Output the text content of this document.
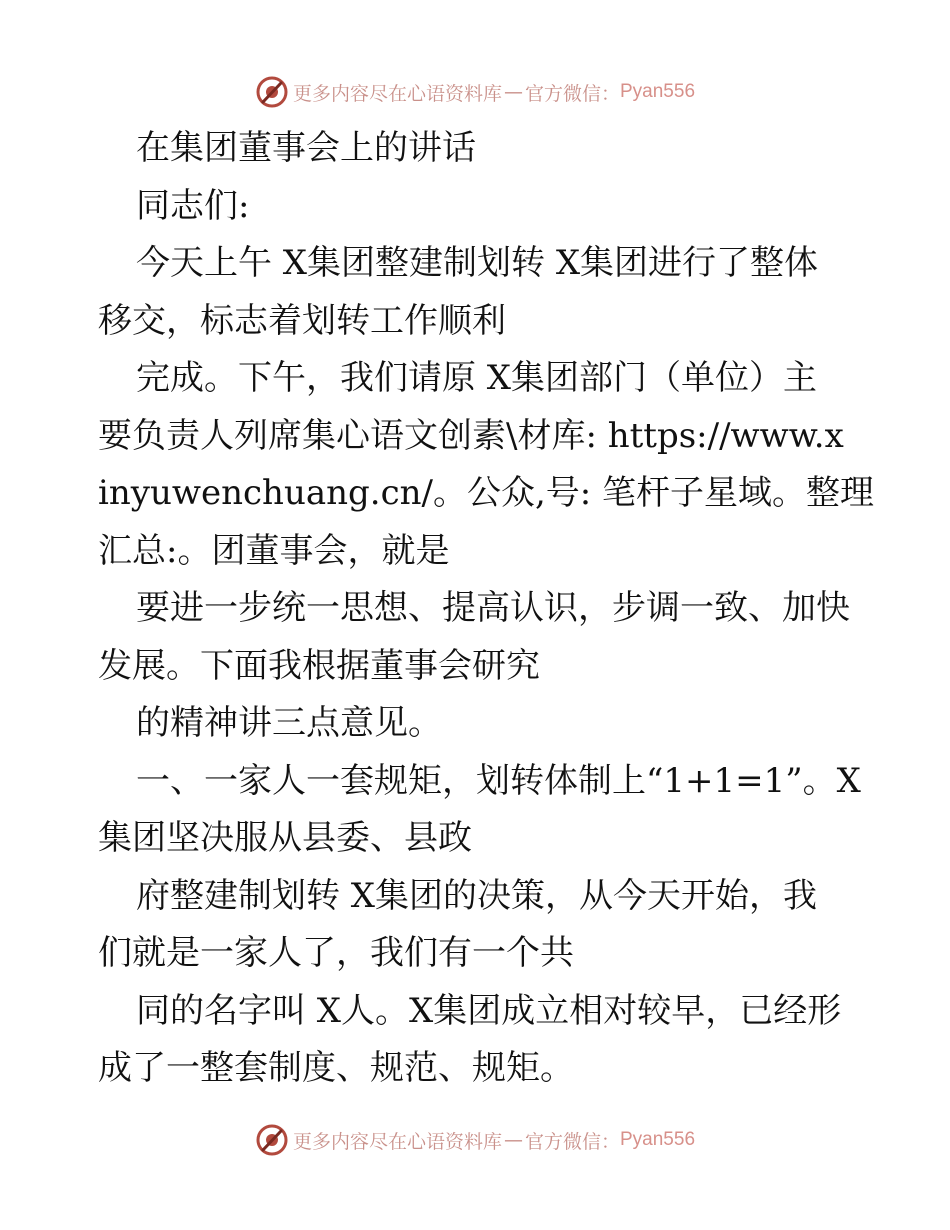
更多内容尽在心语资料库 — 官方微信： Pyan556
在集团董事会上的讲话
同志们:
今天上午 X集团整建制划转 X集团进行了整体
移交，标志着划转工作顺利
完成。下午，我们请原 X集团部门（单位）主
要负责人列席集心语文创素\材库: https://www.x
inyuwenchuang.cn/。公众,号: 笔杆子星域。整理
汇总:。团董事会，就是
要进一步统一思想、提高认识，步调一致、加快
发展。下面我根据董事会研究
的精神讲三点意见。
一、一家人一套规矩，划转体制上“1+1=1”。X
集团坚决服从县委、县政
府整建制划转 X集团的决策，从今天开始，我
们就是一家人了，我们有一个共
同的名字叫 X人。X集团成立相对较早，已经形
成了一整套制度、规范、规矩。
更多内容尽在心语资料库 — 官方微信： Pyan556
